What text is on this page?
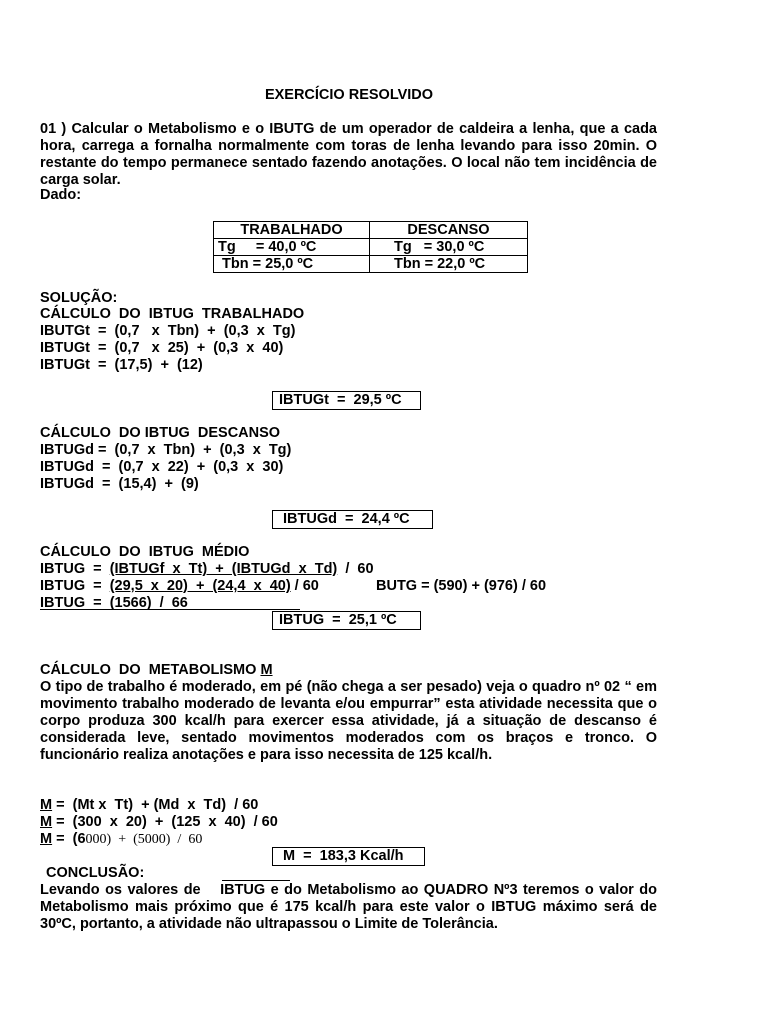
EXERCÍCIO RESOLVIDO
01 ) Calcular o Metabolismo e o IBUTG de um operador de caldeira a lenha, que a cada hora, carrega a fornalha normalmente com toras de lenha levando para isso 20min. O restante do tempo permanece sentado fazendo anotações. O local não tem incidência de carga solar.
Dado:
TRABALHADO	DESCANSO
Tg     = 40,0 ºC	Tg   = 30,0 ºC
Tbn = 25,0 ºC	Tbn = 22,0 ºC
SOLUÇÃO:
CÁLCULO  DO  IBTUG  TRABALHADO
IBUTGt  =  (0,7   x  Tbn)  +  (0,3  x  Tg)
IBTUGt  =  (0,7   x  25)  +  (0,3  x  40)
IBTUGt  =  (17,5)  +  (12)
IBTUGt  =  29,5 ºC
CÁLCULO  DO IBTUG  DESCANSO
IBTUGd =  (0,7  x  Tbn)  +  (0,3  x  Tg)
IBTUGd  =  (0,7  x  22)  +  (0,3  x  30)
IBTUGd  =  (15,4)  +  (9)
IBTUGd  =  24,4 ºC
CÁLCULO  DO  IBTUG  MÉDIO
IBTUG  =  (IBTUGf  x  Tt)  +  (IBTUGd  x  Td)  /  60
IBTUG  =  (29,5  x  20)  +  (24,4  x  40) / 60	BUTG = (590) + (976) / 60
IBTUG  =  (1566)  /  66
IBTUG  =  25,1 ºC
CÁLCULO  DO  METABOLISMO M
O tipo de trabalho é moderado, em pé (não chega a ser pesado) veja o quadro nº 02 “ em movimento trabalho moderado de levanta e/ou empurrar” esta atividade necessita que o corpo produza 300 kcal/h para exercer essa atividade, já a situação de descanso é considerada leve, sentado movimentos moderados com os braços e tronco. O funcionário realiza anotações e para isso necessita de 125 kcal/h.
M =  (Mt x  Tt)  + (Md  x  Td)  / 60
M =  (300  x  20)  +  (125  x  40)  / 60
M =  (6000)  +  (5000)  /  60
M  =  183,3 Kcal/h
CONCLUSÃO:
Levando os valores de IBTUG e do Metabolismo ao QUADRO Nº3 teremos o valor do Metabolismo mais próximo que é 175 kcal/h para este valor o IBTUG máximo será de 30ºC, portanto, a atividade não ultrapassou o Limite de Tolerância.
